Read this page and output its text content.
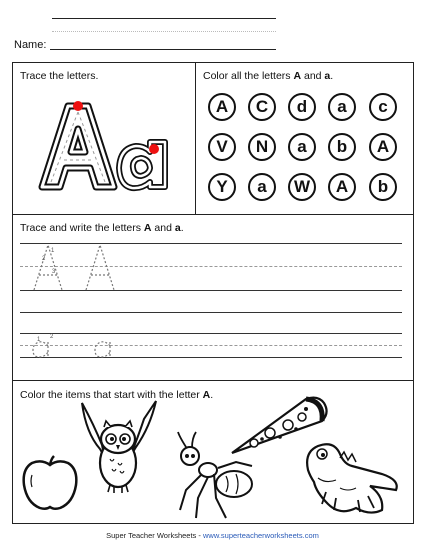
Name:
Trace the letters.	Color all the letters A and a.
A	C	d	a	c
V	N	a	b	A
Y	a	W	A	b
Trace and write the letters A and a.
1
2
3
2
1
Color the items that start with the letter A.
Super Teacher Worksheets - www.superteacherworksheets.com
